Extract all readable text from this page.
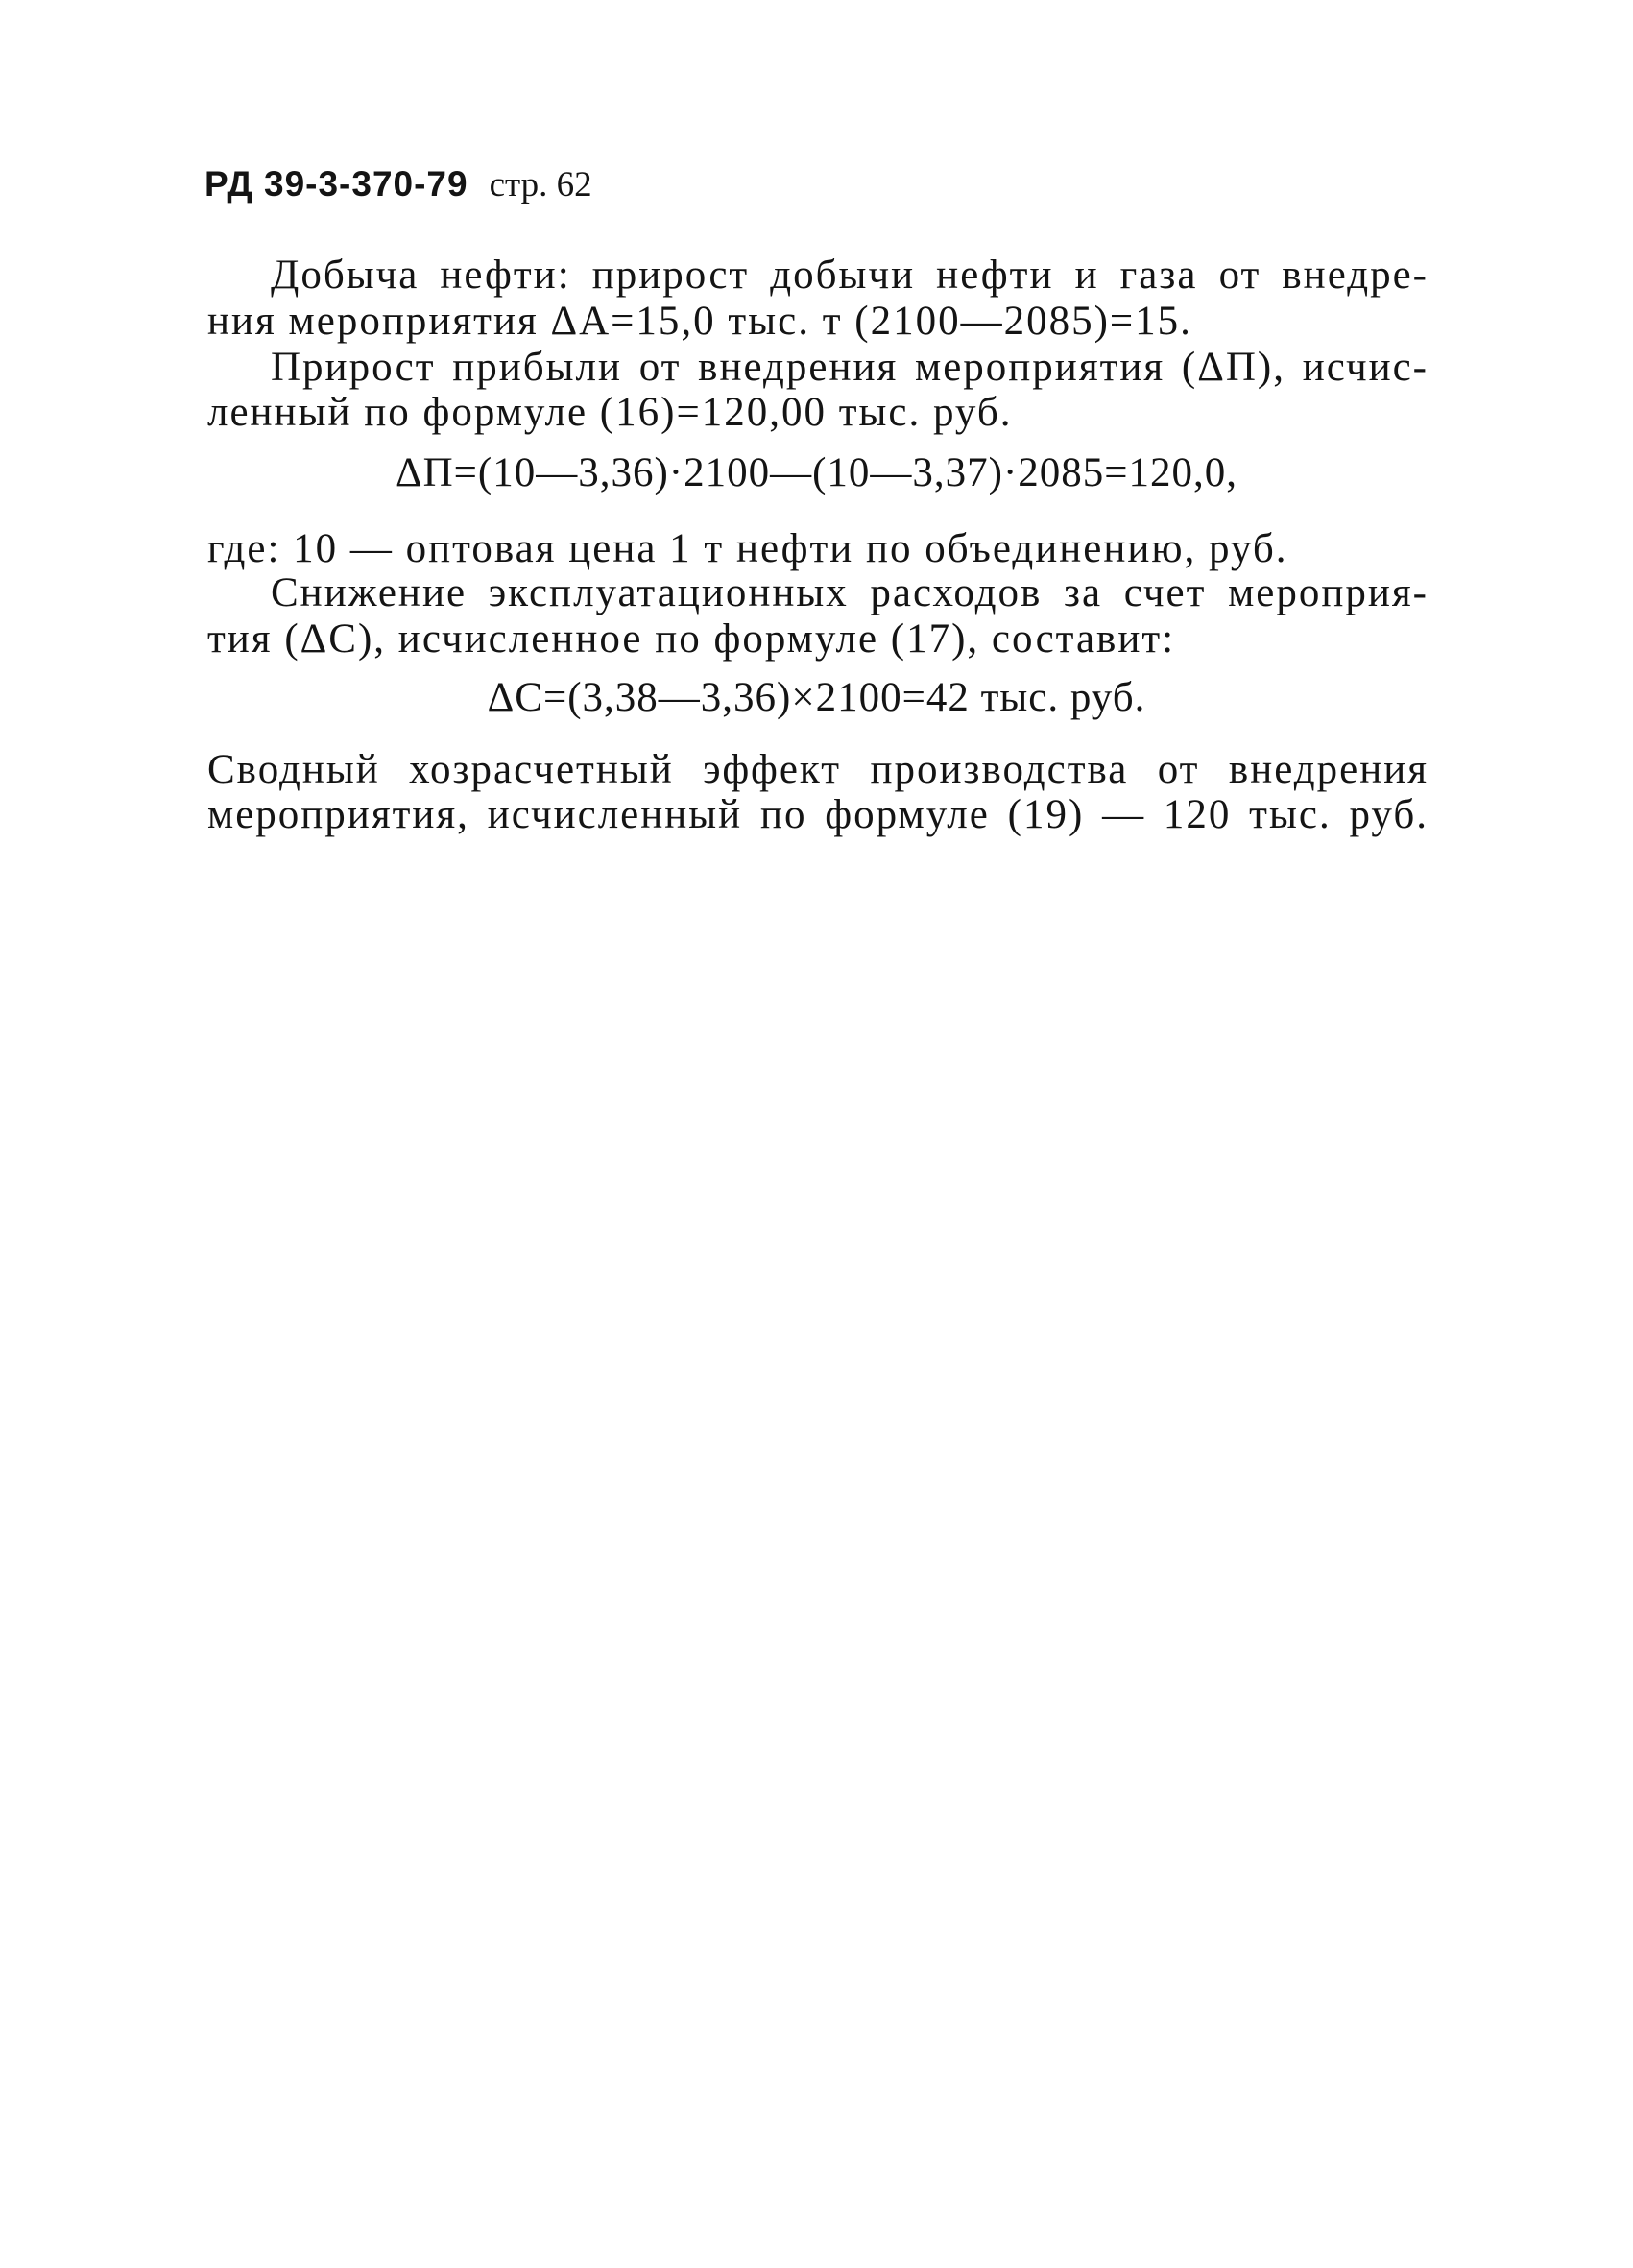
РД 39-3-370-79 стр. 62
Добыча нефти: прирост добычи нефти и газа от внедре-
ния мероприятия ΔА=15,0 тыс. т (2100—2085)=15.
Прирост прибыли от внедрения мероприятия (ΔП), исчис-
ленный по формуле (16)=120,00 тыс. руб.
ΔП=(10—3,36)·2100—(10—3,37)·2085=120,0,
где: 10 — оптовая цена 1 т нефти по объединению, руб.
Снижение эксплуатационных расходов за счет мероприя-
тия (ΔС), исчисленное по формуле (17), составит:
ΔС=(3,38—3,36)×2100=42 тыс. руб.
Сводный хозрасчетный эффект производства от внедрения
мероприятия, исчисленный по формуле (19) — 120 тыс. руб.
